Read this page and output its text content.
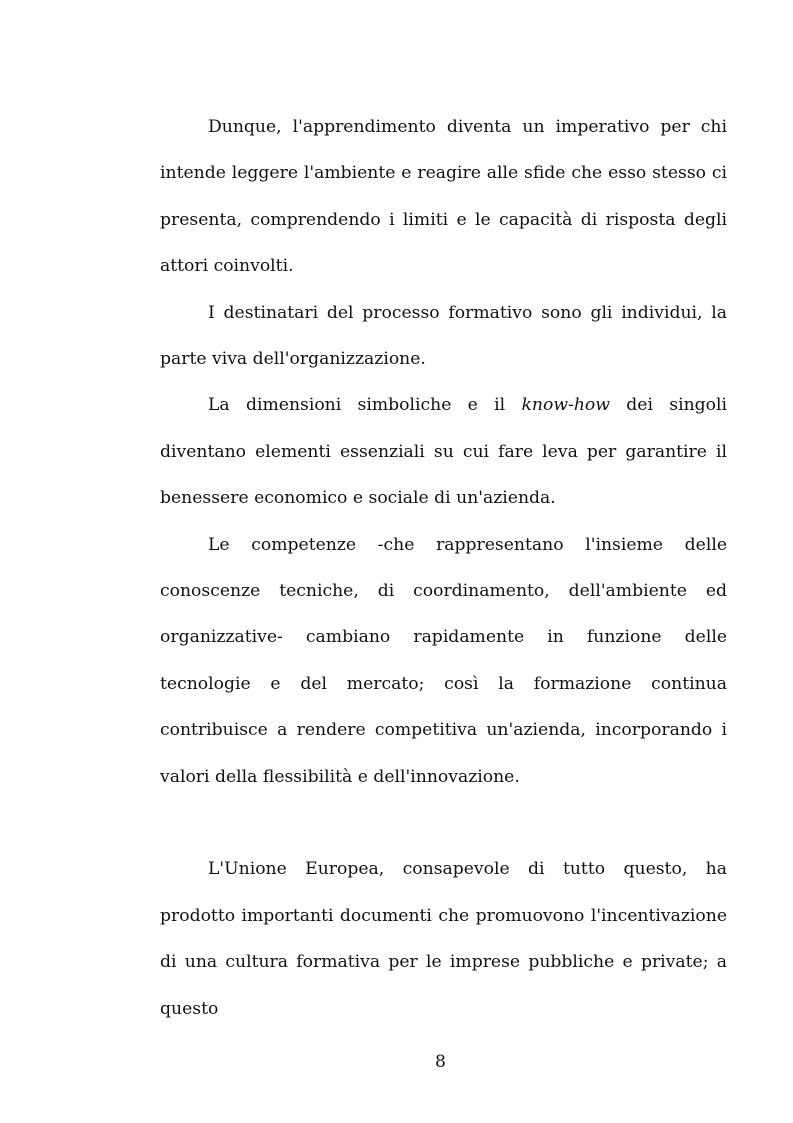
Dunque, l'apprendimento diventa un imperativo per chi intende leggere l'ambiente e reagire alle sfide che esso stesso ci presenta, comprendendo i limiti e le capacità di risposta degli attori coinvolti.

I destinatari del processo formativo sono gli individui, la parte viva dell'organizzazione.

La dimensioni simboliche e il know-how dei singoli diventano elementi essenziali su cui fare leva per garantire il benessere economico e sociale di un'azienda.

Le competenze -che rappresentano l'insieme delle conoscenze tecniche, di coordinamento, dell'ambiente ed organizzative- cambiano rapidamente in funzione delle tecnologie e del mercato; così la formazione continua contribuisce a rendere competitiva un'azienda, incorporando i valori della flessibilità e dell'innovazione.

L'Unione Europea, consapevole di tutto questo, ha prodotto importanti documenti che promuovono l'incentivazione di una cultura formativa per le imprese pubbliche e private; a questo

8
